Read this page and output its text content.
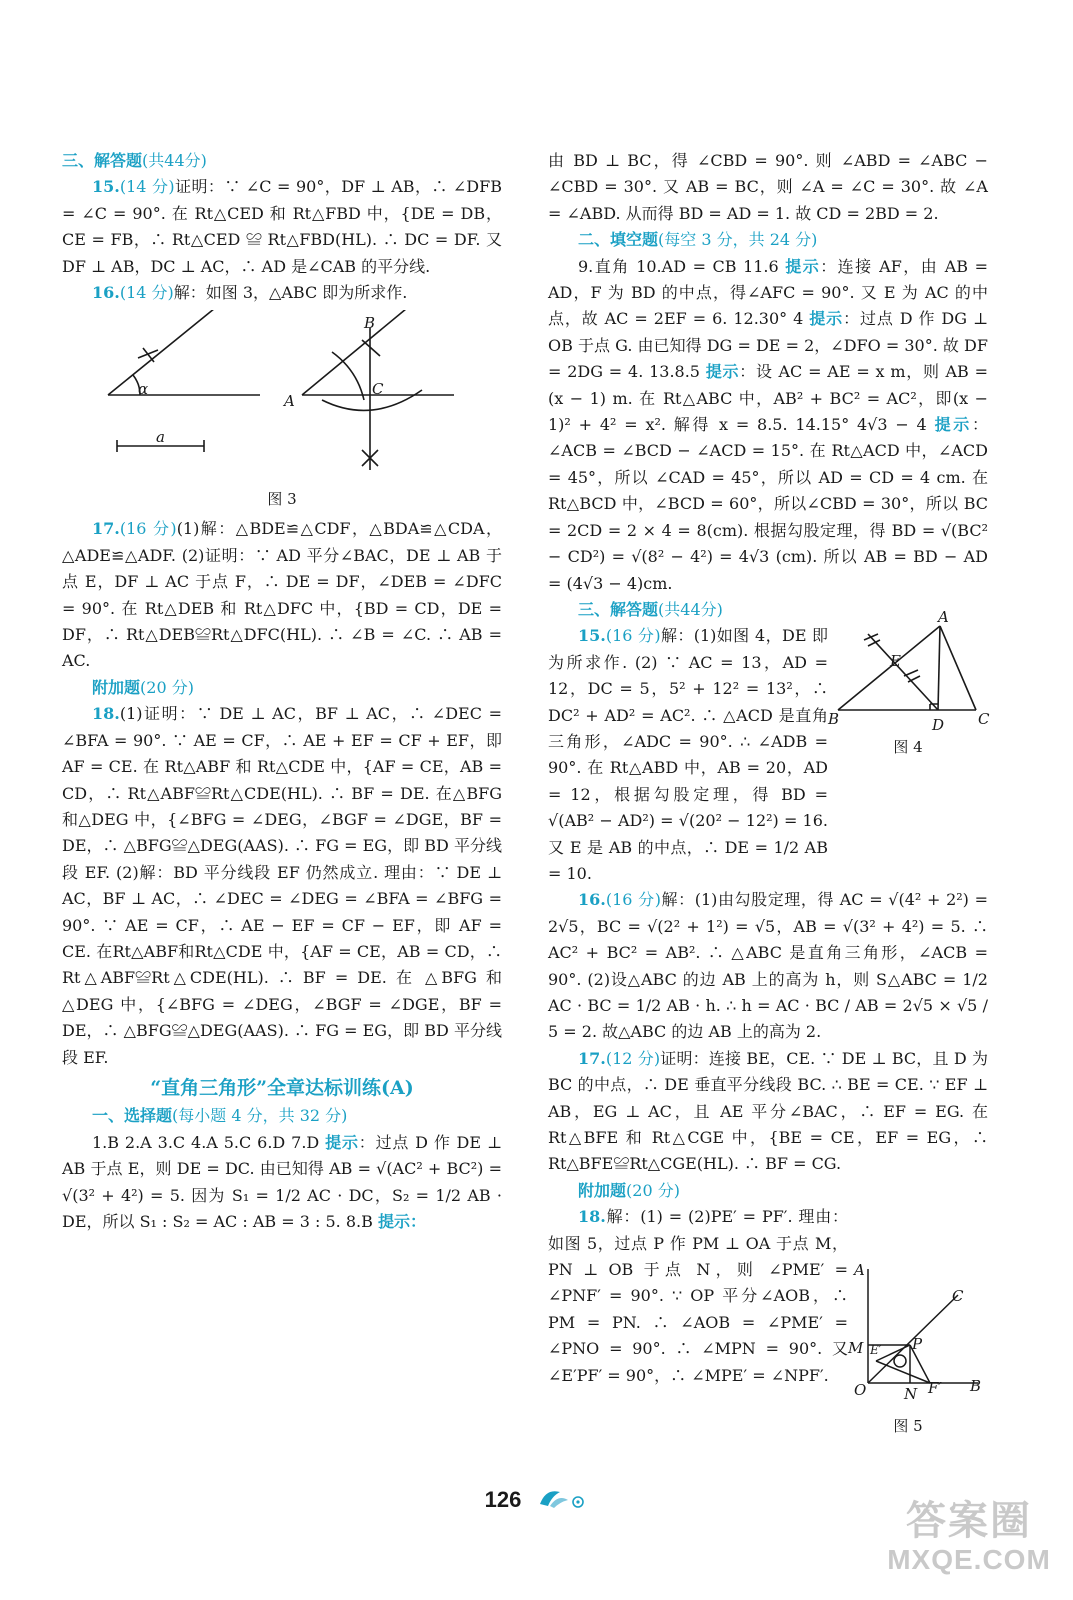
三、解答题(共44分)

15.(14 分)证明：∵ ∠C = 90°，DF ⊥ AB，∴ ∠DFB = ∠C = 90°. 在 Rt△CED 和 Rt△FBD 中，{DE = DB，CE = FB，∴ Rt△CED ≌ Rt△FBD(HL). ∴ DC = DF. 又 DF ⊥ AB，DC ⊥ AC，∴ AD 是∠CAB 的平分线.

16.(14 分)解：如图 3，△ABC 即为所求作.

α
a
A
B
C
图 3

17.(16 分)(1)解：△BDE≌△CDF，△BDA≌△CDA，△ADE≌△ADF. (2)证明：∵ AD 平分∠BAC，DE ⊥ AB 于点 E，DF ⊥ AC 于点 F，∴ DE = DF，∠DEB = ∠DFC = 90°. 在 Rt△DEB 和 Rt△DFC 中，{BD = CD，DE = DF，∴ Rt△DEB≌Rt△DFC(HL). ∴ ∠B = ∠C. ∴ AB = AC.

附加题(20 分)

18.(1)证明：∵ DE ⊥ AC，BF ⊥ AC，∴ ∠DEC = ∠BFA = 90°. ∵ AE = CF，∴ AE + EF = CF + EF，即 AF = CE. 在 Rt△ABF 和 Rt△CDE 中，{AF = CE，AB = CD，∴ Rt△ABF≌Rt△CDE(HL). ∴ BF = DE. 在△BFG 和△DEG 中，{∠BFG = ∠DEG，∠BGF = ∠DGE，BF = DE，∴ △BFG≌△DEG(AAS). ∴ FG = EG，即 BD 平分线段 EF. (2)解：BD 平分线段 EF 仍然成立. 理由：∵ DE ⊥ AC，BF ⊥ AC，∴ ∠DEC = ∠DEG = ∠BFA = ∠BFG = 90°. ∵ AE = CF，∴ AE − EF = CF − EF，即 AF = CE. 在Rt△ABF和Rt△CDE 中，{AF = CE，AB = CD，∴ Rt△ABF≌Rt△CDE(HL). ∴ BF = DE. 在 △BFG 和 △DEG 中，{∠BFG = ∠DEG，∠BGF = ∠DGE，BF = DE，∴ △BFG≌△DEG(AAS). ∴ FG = EG，即 BD 平分线段 EF.

“直角三角形”全章达标训练(A)

一、选择题(每小题 4 分，共 32 分)

1.B 2.A 3.C 4.A 5.C 6.D 7.D 提示：过点 D 作 DE ⊥ AB 于点 E，则 DE = DC. 由已知得 AB = √(AC² + BC²) = √(3² + 4²) = 5. 因为 S₁ = 1/2 AC · DC，S₂ = 1/2 AB · DE，所以 S₁ : S₂ = AC : AB = 3 : 5. 8.B 提示：

由 BD ⊥ BC，得 ∠CBD = 90°. 则 ∠ABD = ∠ABC − ∠CBD = 30°. 又 AB = BC，则 ∠A = ∠C = 30°. 故 ∠A = ∠ABD. 从而得 BD = AD = 1. 故 CD = 2BD = 2.

二、填空题(每空 3 分，共 24 分)

9.直角 10.AD = CB 11.6 提示：连接 AF，由 AB = AD，F 为 BD 的中点，得∠AFC = 90°. 又 E 为 AC 的中点，故 AC = 2EF = 6. 12.30° 4 提示：过点 D 作 DG ⊥ OB 于点 G. 由已知得 DG = DE = 2，∠DFO = 30°. 故 DF = 2DG = 4. 13.8.5 提示：设 AC = AE = x m，则 AB = (x − 1) m. 在 Rt△ABC 中，AB² + BC² = AC²，即(x − 1)² + 4² = x². 解得 x = 8.5. 14.15° 4√3 − 4 提示：∠ACB = ∠BCD − ∠ACD = 15°. 在 Rt△ACD 中，∠ACD = 45°，所以 ∠CAD = 45°，所以 AD = CD = 4 cm. 在 Rt△BCD 中，∠BCD = 60°，所以∠CBD = 30°，所以 BC = 2CD = 2 × 4 = 8(cm). 根据勾股定理，得 BD = √(BC² − CD²) = √(8² − 4²) = 4√3 (cm). 所以 AB = BD − AD = (4√3 − 4)cm.

三、解答题(共44分)

15.(16 分)解：(1)如图 4，DE 即为所求作. (2) ∵ AC = 13，AD = 12，DC = 5，5² + 12² = 13²，∴ DC² + AD² = AC². ∴ △ACD 是直角三角形，∠ADC = 90°. ∴ ∠ADB = 90°. 在 Rt△ABD 中，AB = 20，AD = 12，根据勾股定理，得 BD = √(AB² − AD²) = √(20² − 12²) = 16. 又 E 是 AB 的中点，∴ DE = 1/2 AB = 10.

16.(16 分)解：(1)由勾股定理，得 AC = √(4² + 2²) = 2√5，BC = √(2² + 1²) = √5，AB = √(3² + 4²) = 5. ∴ AC² + BC² = AB². ∴ △ABC 是直角三角形，∠ACB = 90°. (2)设△ABC 的边 AB 上的高为 h，则 S△ABC = 1/2 AC · BC = 1/2 AB · h. ∴ h = AC · BC / AB = 2√5 × √5 / 5 = 2. 故△ABC 的边 AB 上的高为 2.

17.(12 分)证明：连接 BE，CE. ∵ DE ⊥ BC，且 D 为 BC 的中点，∴ DE 垂直平分线段 BC. ∴ BE = CE. ∵ EF ⊥ AB，EG ⊥ AC，且 AE 平分∠BAC，∴ EF = EG. 在Rt△BFE 和 Rt△CGE 中，{BE = CE，EF = EG，∴ Rt△BFE≌Rt△CGE(HL). ∴ BF = CG.

附加题(20 分)

18.解：(1) = (2)PE′ = PF′. 理由：如图 5，过点 P 作 PM ⊥ OA 于点 M，PN ⊥ OB 于点 N，则 ∠PME′ = ∠PNF′ = 90°. ∵ OP 平分∠AOB，∴ PM = PN. ∴ ∠AOB = ∠PME′ = ∠PNO = 90°. ∴ ∠MPN = 90°. 又 ∠E′PF′ = 90°，∴ ∠MPE′ = ∠NPF′.

A
E
B	D C
图 4
A
C
M E′ P
O	N F′ B
图 5
126	答案圈
MXQE.COM
